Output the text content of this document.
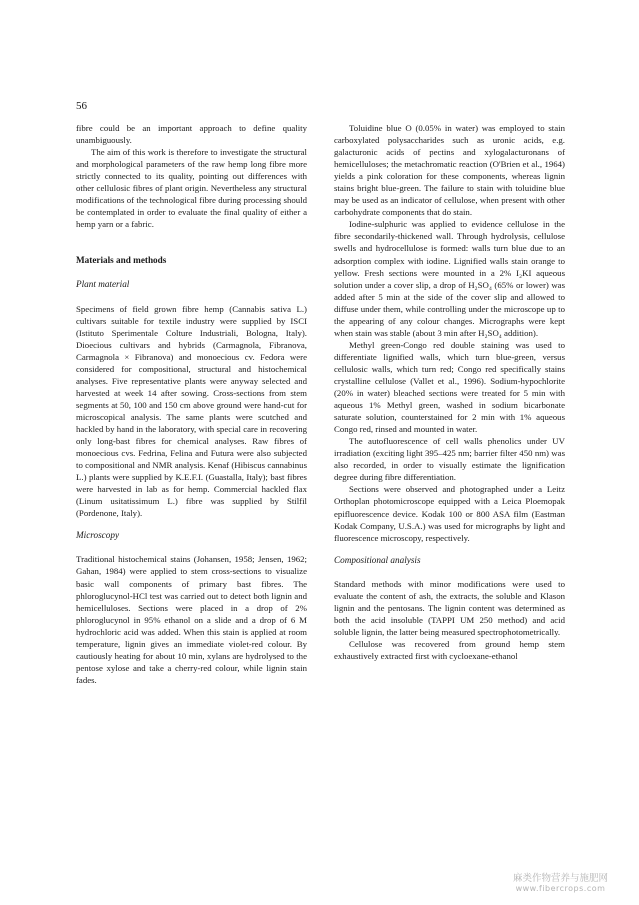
56

fibre could be an important approach to define quality unambiguously.

The aim of this work is therefore to investigate the structural and morphological parameters of the raw hemp long fibre more strictly connected to its quality, pointing out differences with other cellulosic fibres of plant origin. Nevertheless any structural modifications of the technological fibre during processing should be contemplated in order to evaluate the final quality of either a hemp yarn or a fabric.

Materials and methods
Plant material

Specimens of field grown fibre hemp (Cannabis sativa L.) cultivars suitable for textile industry were supplied by ISCI (Istituto Sperimentale Colture Industriali, Bologna, Italy). Dioecious cultivars and hybrids (Carmagnola, Fibranova, Carmagnola × Fibranova) and monoecious cv. Fedora were considered for compositional, structural and histochemical analyses. Five representative plants were anyway selected and harvested at week 14 after sowing. Cross-sections from stem segments at 50, 100 and 150 cm above ground were hand-cut for microscopical analysis. The same plants were scutched and hackled by hand in the laboratory, with special care in recovering only long-bast fibres for chemical analyses. Raw fibres of monoecious cvs. Fedrina, Felina and Futura were also subjected to compositional and NMR analysis. Kenaf (Hibiscus cannabinus L.) plants were supplied by K.E.F.I. (Guastalla, Italy); bast fibres were harvested in lab as for hemp. Commercial hackled flax (Linum usitatissimum L.) fibre was supplied by Stilfil (Pordenone, Italy).

Microscopy

Traditional histochemical stains (Johansen, 1958; Jensen, 1962; Gahan, 1984) were applied to stem cross-sections to visualize basic wall components of primary bast fibres. The phloroglucynol-HCl test was carried out to detect both lignin and hemicelluloses. Sections were placed in a drop of 2% phloroglucynol in 95% ethanol on a slide and a drop of 6 M hydrochloric acid was added. When this stain is applied at room temperature, lignin gives an immediate violet-red colour. By cautiously heating for about 10 min, xylans are hydrolysed to the pentose xylose and take a cherry-red colour, while lignin stain fades.

Toluidine blue O (0.05% in water) was employed to stain carboxylated polysaccharides such as uronic acids, e.g. galacturonic acids of pectins and xylogalacturonans of hemicelluloses; the metachromatic reaction (O'Brien et al., 1964) yields a pink coloration for these components, whereas lignin stains bright blue-green. The failure to stain with toluidine blue may be used as an indicator of cellulose, when present with other carbohydrate components that do stain.

Iodine-sulphuric was applied to evidence cellulose in the fibre secondarily-thickened wall. Through hydrolysis, cellulose swells and hydrocellulose is formed: walls turn blue due to an adsorption complex with iodine. Lignified walls stain orange to yellow. Fresh sections were mounted in a 2% I₂KI aqueous solution under a cover slip, a drop of H₂SO₄ (65% or lower) was added after 5 min at the side of the cover slip and allowed to diffuse under them, while controlling under the microscope up to the appearing of any colour changes. Micrographs were kept when stain was stable (about 3 min after H₂SO₄ addition).

Methyl green-Congo red double staining was used to differentiate lignified walls, which turn blue-green, versus cellulosic walls, which turn red; Congo red specifically stains crystalline cellulose (Vallet et al., 1996). Sodium-hypochlorite (20% in water) bleached sections were treated for 5 min with aqueous 1% Methyl green, washed in sodium bicarbonate saturate solution, counterstained for 2 min with 1% aqueous Congo red, rinsed and mounted in water.

The autofluorescence of cell walls phenolics under UV irradiation (exciting light 395–425 nm; barrier filter 450 nm) was also recorded, in order to visually estimate the lignification degree during fibre differentiation.

Sections were observed and photographed under a Leitz Orthoplan photomicroscope equipped with a Leica Ploemopak epifluorescence device. Kodak 100 or 800 ASA film (Eastman Kodak Company, U.S.A.) was used for micrographs by light and fluorescence microscopy, respectively.

Compositional analysis

Standard methods with minor modifications were used to evaluate the content of ash, the extracts, the soluble and Klason lignin and the pentosans. The lignin content was determined as both the acid insoluble (TAPPI UM 250 method) and acid soluble lignin, the latter being measured spectrophotometrically.

Cellulose was recovered from ground hemp stem exhaustively extracted first with cycloexane-ethanol

麻类作物营养与施肥网
www.fibercrops.com
